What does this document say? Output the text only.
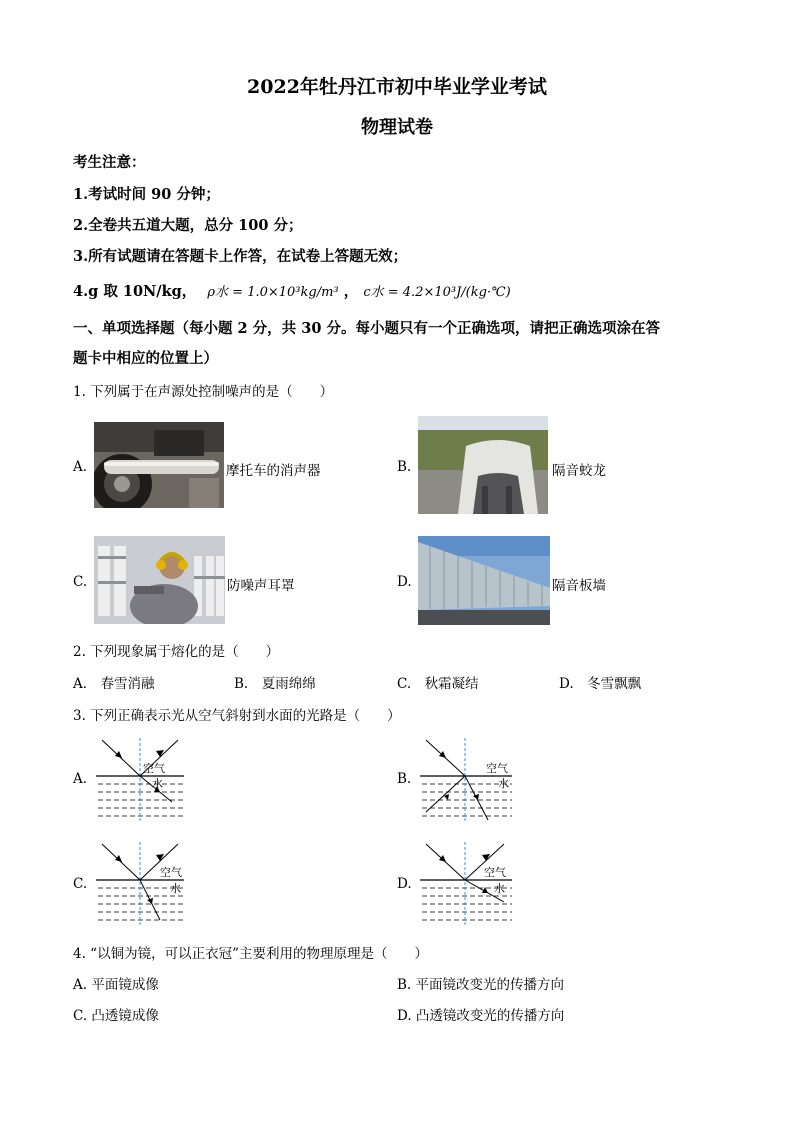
2022年牡丹江市初中毕业学业考试
物理试卷
考生注意：
1.考试时间 90 分钟；
2.全卷共五道大题，总分 100 分；
3.所有试题请在答题卡上作答，在试卷上答题无效；
4.g 取 10N/kg， ρ水 = 1.0×10³kg/m³ ， c水 = 4.2×10³J/(kg·℃)
一、单项选择题（每小题 2 分，共 30 分。每小题只有一个正确选项，请把正确选项涂在答
题卡中相应的位置上）
1. 下列属于在声源处控制噪声的是（　　）
A.	摩托车的消声器	B.	隔音蛟龙
C.	防噪声耳罩	D.	隔音板墙
2. 下列现象属于熔化的是（　　）
A.　春雪消融	B.　夏雨绵绵	C.　秋霜凝结	D.　冬雪飘飘
3. 下列正确表示光从空气斜射到水面的光路是（　　）
A.
空气
水	B.
空气
水
C.
空气
水	D.
空气
水
4. “以铜为镜，可以正衣冠”主要利用的物理原理是（　　）
A. 平面镜成像	B. 平面镜改变光的传播方向
C. 凸透镜成像	D. 凸透镜改变光的传播方向
